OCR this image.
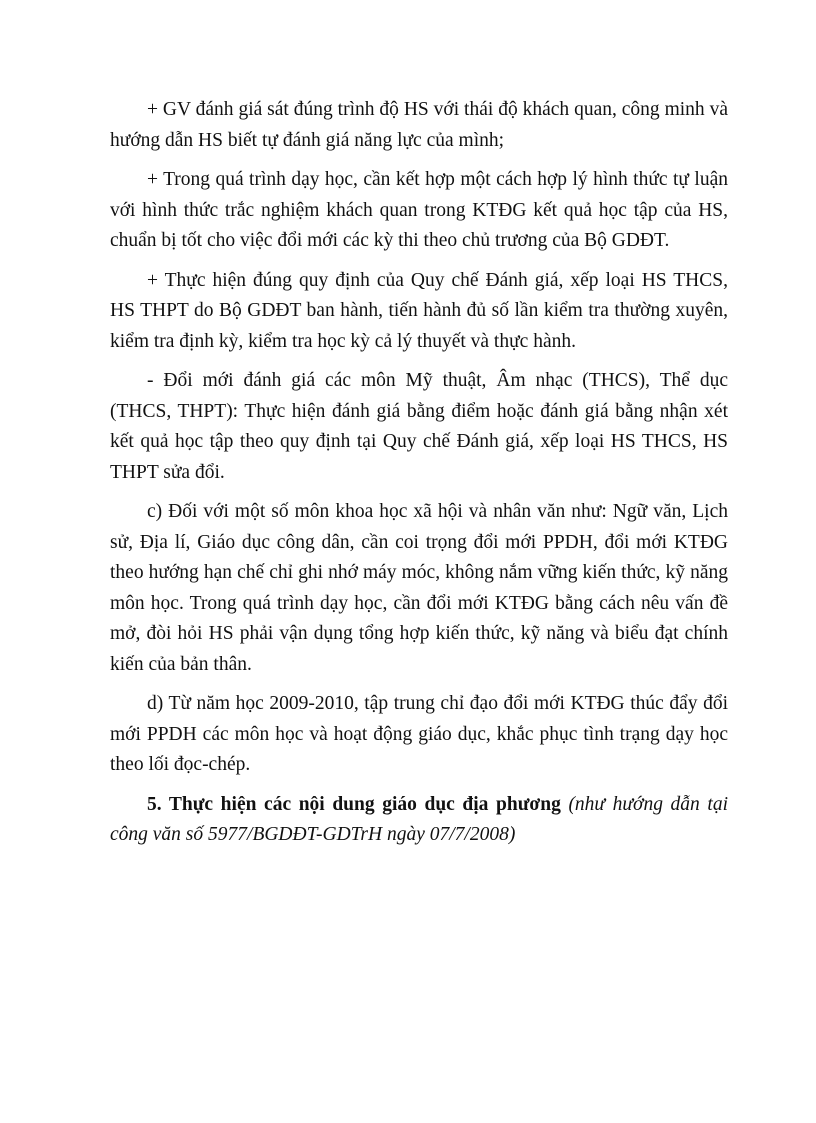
+ GV đánh giá sát đúng trình độ HS với thái độ khách quan, công minh và hướng dẫn HS biết tự đánh giá năng lực của mình;

+ Trong quá trình dạy học, cần kết hợp một cách hợp lý hình thức tự luận với hình thức trắc nghiệm khách quan trong KTĐG kết quả học tập của HS, chuẩn bị tốt cho việc đổi mới các kỳ thi theo chủ trương của Bộ GDĐT.

+ Thực hiện đúng quy định của Quy chế Đánh giá, xếp loại HS THCS, HS THPT do Bộ GDĐT ban hành, tiến hành đủ số lần kiểm tra thường xuyên, kiểm tra định kỳ, kiểm tra học kỳ cả lý thuyết và thực hành.

- Đổi mới đánh giá các môn Mỹ thuật, Âm nhạc (THCS), Thể dục (THCS, THPT): Thực hiện đánh giá bằng điểm hoặc đánh giá bằng nhận xét kết quả học tập theo quy định tại Quy chế Đánh giá, xếp loại HS THCS, HS THPT sửa đổi.

c) Đối với một số môn khoa học xã hội và nhân văn như: Ngữ văn, Lịch sử, Địa lí, Giáo dục công dân, cần coi trọng đổi mới PPDH, đổi mới KTĐG theo hướng hạn chế chỉ ghi nhớ máy móc, không nắm vững kiến thức, kỹ năng môn học. Trong quá trình dạy học, cần đổi mới KTĐG bằng cách nêu vấn đề mở, đòi hỏi HS phải vận dụng tổng hợp kiến thức, kỹ năng và biểu đạt chính kiến của bản thân.

d) Từ năm học 2009-2010, tập trung chỉ đạo đổi mới KTĐG thúc đẩy đổi mới PPDH các môn học và hoạt động giáo dục, khắc phục tình trạng dạy học theo lối đọc-chép.

5. Thực hiện các nội dung giáo dục địa phương (như hướng dẫn tại công văn số 5977/BGDĐT-GDTrH ngày 07/7/2008)
